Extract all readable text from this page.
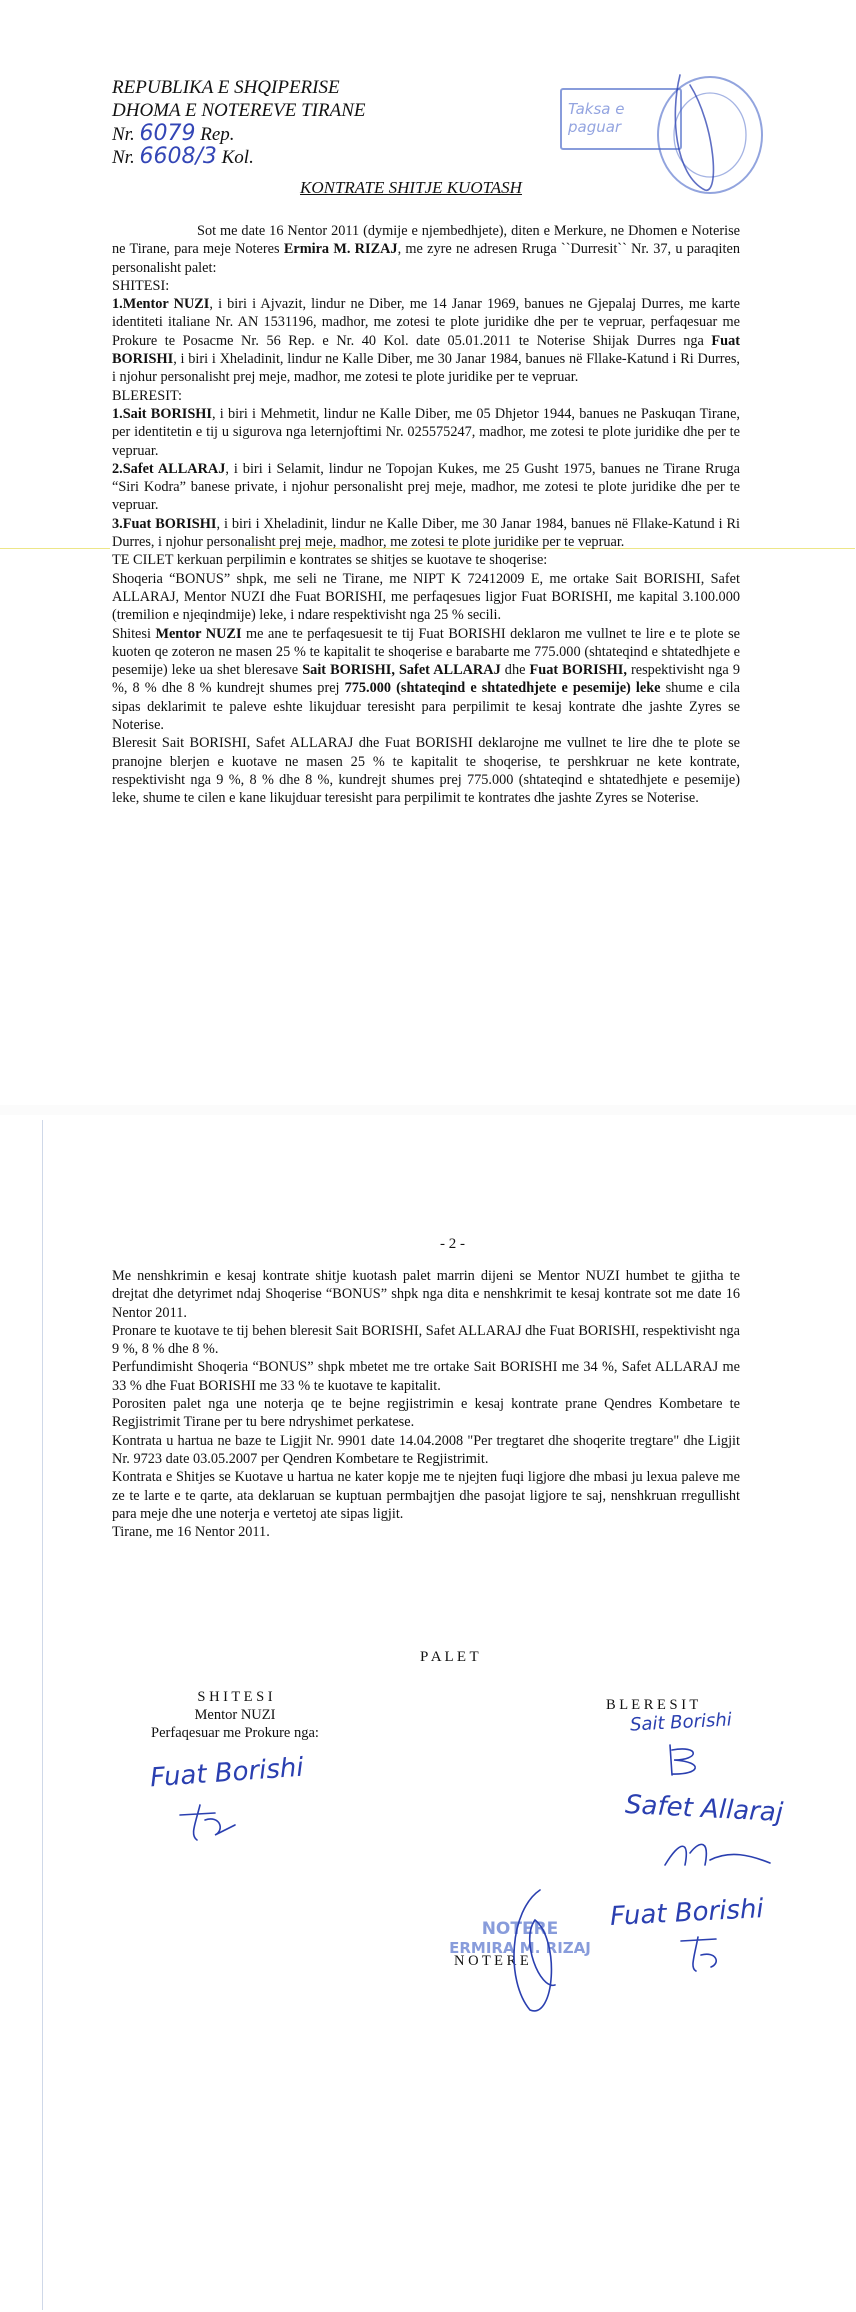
REPUBLIKA E SHQIPERISE
DHOMA E NOTEREVE TIRANE
Nr. 6079 Rep.
Nr. 6608/3 Kol.
Taksa e paguar
KONTRATE SHITJE KUOTASH

Sot me date 16 Nentor 2011 (dymije e njembedhjete), diten e Merkure, ne Dhomen e Noterise ne Tirane, para meje Noteres Ermira M. RIZAJ, me zyre ne adresen Rruga ``Durresit`` Nr. 37, u paraqiten personalisht palet:

SHITESI:

1.Mentor NUZI, i biri i Ajvazit, lindur ne Diber, me 14 Janar 1969, banues ne Gjepalaj Durres, me karte identiteti italiane Nr. AN 1531196, madhor, me zotesi te plote juridike dhe per te vepruar, perfaqesuar me Prokure te Posacme Nr. 56 Rep. e Nr. 40 Kol. date 05.01.2011 te Noterise Shijak Durres nga Fuat BORISHI, i biri i Xheladinit, lindur ne Kalle Diber, me 30 Janar 1984, banues në Fllake-Katund i Ri Durres, i njohur personalisht prej meje, madhor, me zotesi te plote juridike per te vepruar.

BLERESIT:

1.Sait BORISHI, i biri i Mehmetit, lindur ne Kalle Diber, me 05 Dhjetor 1944, banues ne Paskuqan Tirane, per identitetin e tij u sigurova nga leternjoftimi Nr. 025575247, madhor, me zotesi te plote juridike dhe per te vepruar.

2.Safet ALLARAJ, i biri i Selamit, lindur ne Topojan Kukes, me 25 Gusht 1975, banues ne Tirane Rruga “Siri Kodra” banese private, i njohur personalisht prej meje, madhor, me zotesi te plote juridike dhe per te vepruar.

3.Fuat BORISHI, i biri i Xheladinit, lindur ne Kalle Diber, me 30 Janar 1984, banues në Fllake-Katund i Ri Durres, i njohur personalisht prej meje, madhor, me zotesi te plote juridike per te vepruar.

TE CILET kerkuan perpilimin e kontrates se shitjes se kuotave te shoqerise:

Shoqeria “BONUS” shpk, me seli ne Tirane, me NIPT K 72412009 E, me ortake Sait BORISHI, Safet ALLARAJ, Mentor NUZI dhe Fuat BORISHI, me perfaqesues ligjor Fuat BORISHI, me kapital 3.100.000 (tremilion e njeqindmije) leke, i ndare respektivisht nga 25 % secili.

Shitesi Mentor NUZI me ane te perfaqesuesit te tij Fuat BORISHI deklaron me vullnet te lire e te plote se kuoten qe zoteron ne masen 25 % te kapitalit te shoqerise e barabarte me 775.000 (shtateqind e shtatedhjete e pesemije) leke ua shet bleresave Sait BORISHI, Safet ALLARAJ dhe Fuat BORISHI, respektivisht nga 9 %, 8 % dhe 8 % kundrejt shumes prej 775.000 (shtateqind e shtatedhjete e pesemije) leke shume e cila sipas deklarimit te paleve eshte likujduar teresisht para perpilimit te kesaj kontrate dhe jashte Zyres se Noterise.

Bleresit Sait BORISHI, Safet ALLARAJ dhe Fuat BORISHI deklarojne me vullnet te lire dhe te plote se pranojne blerjen e kuotave ne masen 25 % te kapitalit te shoqerise, te pershkruar ne kete kontrate, respektivisht nga 9 %, 8 % dhe 8 %, kundrejt shumes prej 775.000 (shtateqind e shtatedhjete e pesemije) leke, shume te cilen e kane likujduar teresisht para perpilimit te kontrates dhe jashte Zyres se Noterise.

- 2 -

Me nenshkrimin e kesaj kontrate shitje kuotash palet marrin dijeni se Mentor NUZI humbet te gjitha te drejtat dhe detyrimet ndaj Shoqerise “BONUS” shpk nga dita e nenshkrimit te kesaj kontrate sot me date 16 Nentor 2011.

Pronare te kuotave te tij behen bleresit Sait BORISHI, Safet ALLARAJ dhe Fuat BORISHI, respektivisht nga 9 %, 8 % dhe 8 %.

Perfundimisht Shoqeria “BONUS” shpk mbetet me tre ortake Sait BORISHI me 34 %, Safet ALLARAJ me 33 % dhe Fuat BORISHI me 33 % te kuotave te kapitalit.

Porositen palet nga une noterja qe te bejne regjistrimin e kesaj kontrate prane Qendres Kombetare te Regjistrimit Tirane per tu bere ndryshimet perkatese.

Kontrata u hartua ne baze te Ligjit Nr. 9901 date 14.04.2008 "Per tregtaret dhe shoqerite tregtare" dhe Ligjit Nr. 9723 date 03.05.2007 per Qendren Kombetare te Regjistrimit.

Kontrata e Shitjes se Kuotave u hartua ne kater kopje me te njejten fuqi ligjore dhe mbasi ju lexua paleve me ze te larte e te qarte, ata deklaruan se kuptuan permbajtjen dhe pasojat ligjore te saj, nenshkruan rregullisht para meje dhe une noterja e vertetoj ate sipas ligjit.

Tirane, me 16 Nentor 2011.

P A L E T
S H I T E S I
Mentor NUZI
Perfaqesuar me Prokure nga:
Fuat Borishi
B L E R E S I T
Sait Borishi
Safet Allaraj
Fuat Borishi
N O T E R E
NOTERE
ERMIRA M. RIZAJ
